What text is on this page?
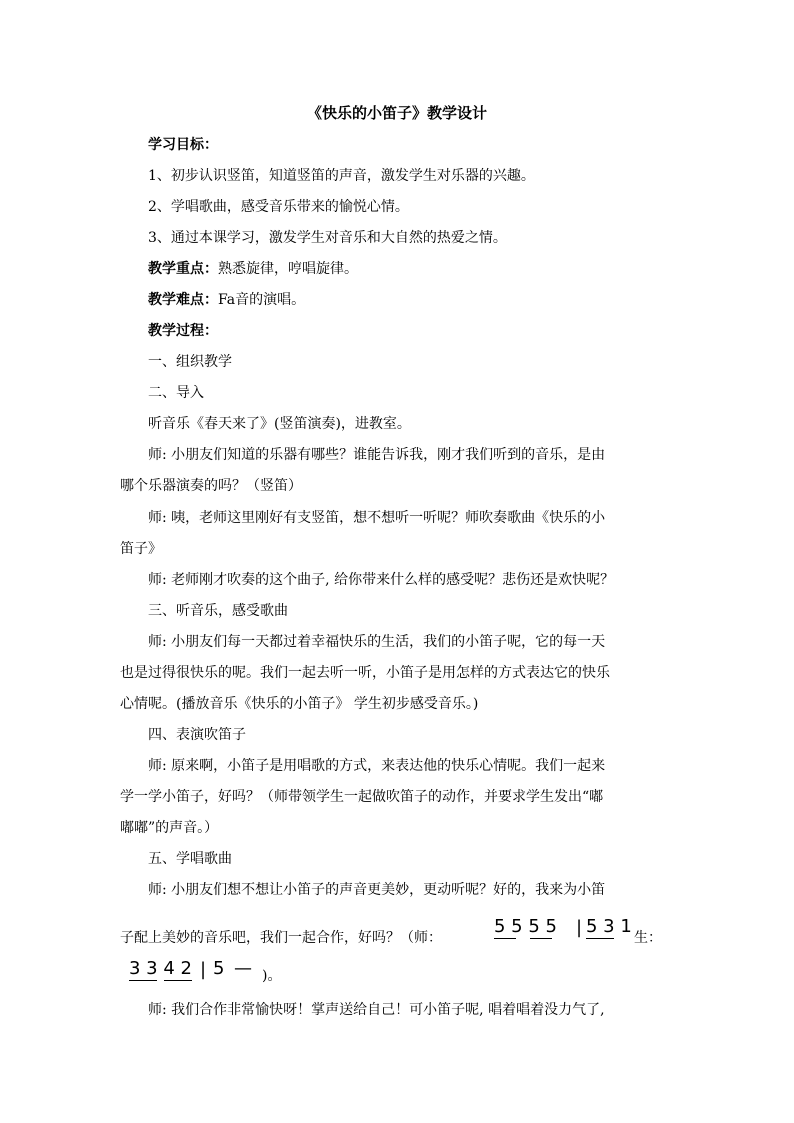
《快乐的小笛子》教学设计
学习目标：
1、初步认识竖笛，知道竖笛的声音，激发学生对乐器的兴趣。
2、学唱歌曲，感受音乐带来的愉悦心情。
3、通过本课学习，激发学生对音乐和大自然的热爱之情。
教学重点：熟悉旋律，哼唱旋律。
教学难点：Fa音的演唱。
教学过程：
一、组织教学
二、导入
听音乐《春天来了》(竖笛演奏)，进教室。
师: 小朋友们知道的乐器有哪些？谁能告诉我，刚才我们听到的音乐，是由
哪个乐器演奏的吗？（竖笛）
师: 咦，老师这里刚好有支竖笛，想不想听一听呢？师吹奏歌曲《快乐的小
笛子》
师: 老师刚才吹奏的这个曲子, 给你带来什么样的感受呢？悲伤还是欢快呢？
三、听音乐，感受歌曲
师: 小朋友们每一天都过着幸福快乐的生活，我们的小笛子呢，它的每一天
也是过得很快乐的呢。我们一起去听一听，小笛子是用怎样的方式表达它的快乐
心情呢。(播放音乐《快乐的小笛子》 学生初步感受音乐。)
四、表演吹笛子
师: 原来啊，小笛子是用唱歌的方式，来表达他的快乐心情呢。我们一起来
学一学小笛子，好吗？（师带领学生一起做吹笛子的动作，并要求学生发出“嘟
嘟嘟”的声音。）
五、学唱歌曲
师: 小朋友们想不想让小笛子的声音更美妙，更动听呢？好的，我来为小笛
子配上美妙的音乐吧，我们一起合作，好吗？（师：
5 5 5 5 | 5 3 1
生：
3 3 4 2 | 5 — )。
师: 我们合作非常愉快呀！掌声送给自己！可小笛子呢, 唱着唱着没力气了,
